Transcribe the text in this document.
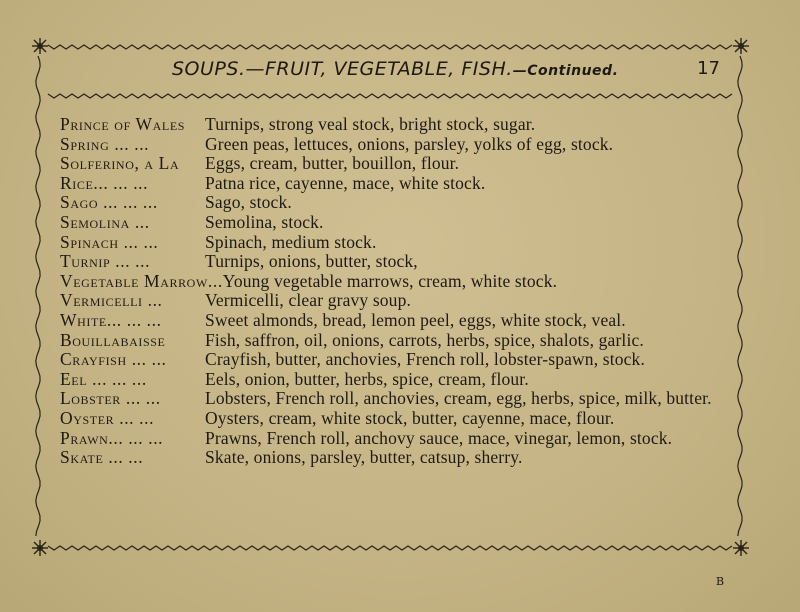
SOUPS.—FRUIT, VEGETABLE, FISH.—Continued.	17
Prince of Wales	Turnips, strong veal stock, bright stock, sugar.
Spring ... ...	Green peas, lettuces, onions, parsley, yolks of egg, stock.
Solferino, a La	Eggs, cream, butter, bouillon, flour.
Rice... ... ...	Patna rice, cayenne, mace, white stock.
Sago ... ... ...	Sago, stock.
Semolina ...	Semolina, stock.
Spinach ... ...	Spinach, medium stock.
Turnip ... ...	Turnips, onions, butter, stock,
Vegetable Marrow...Young vegetable marrows, cream, white stock.
Vermicelli ...	Vermicelli, clear gravy soup.
White... ... ...	Sweet almonds, bread, lemon peel, eggs, white stock, veal.
Bouillabaisse	Fish, saffron, oil, onions, carrots, herbs, spice, shalots, garlic.
Crayfish ... ...	Crayfish, butter, anchovies, French roll, lobster-spawn, stock.
Eel ... ... ...	Eels, onion, butter, herbs, spice, cream, flour.
Lobster ... ...	Lobsters, French roll, anchovies, cream, egg, herbs, spice, milk, butter.
Oyster ... ...	Oysters, cream, white stock, butter, cayenne, mace, flour.
Prawn... ... ...	Prawns, French roll, anchovy sauce, mace, vinegar, lemon, stock.
Skate ... ...	Skate, onions, parsley, butter, catsup, sherry.
B
